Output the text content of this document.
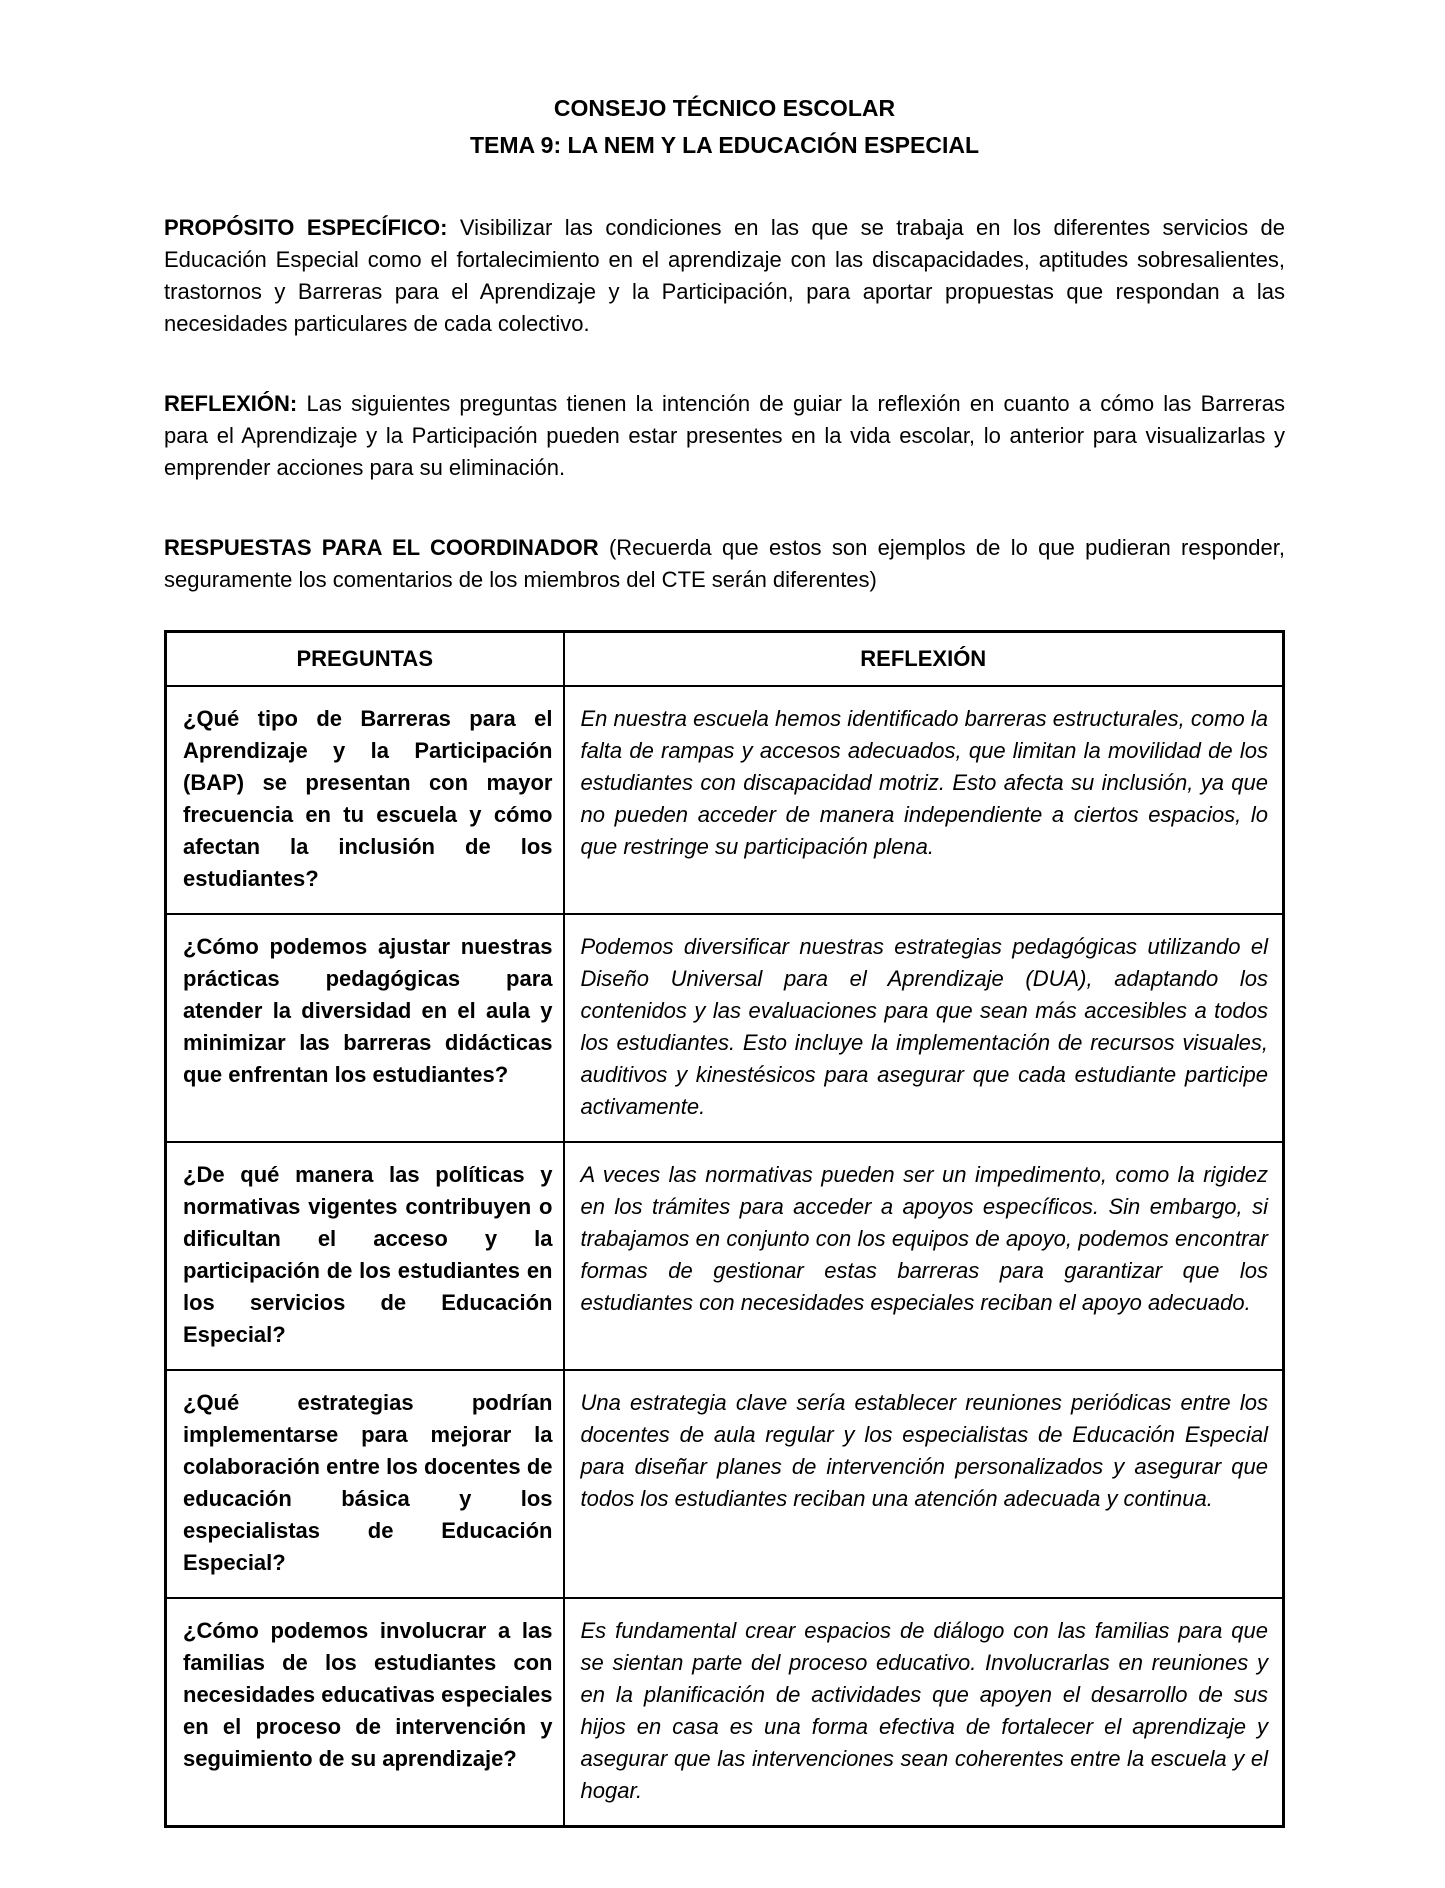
CONSEJO TÉCNICO ESCOLAR
TEMA 9: LA NEM Y LA EDUCACIÓN ESPECIAL

PROPÓSITO ESPECÍFICO: Visibilizar las condiciones en las que se trabaja en los diferentes servicios de Educación Especial como el fortalecimiento en el aprendizaje con las discapacidades, aptitudes sobresalientes, trastornos y Barreras para el Aprendizaje y la Participación, para aportar propuestas que respondan a las necesidades particulares de cada colectivo.

REFLEXIÓN: Las siguientes preguntas tienen la intención de guiar la reflexión en cuanto a cómo las Barreras para el Aprendizaje y la Participación pueden estar presentes en la vida escolar, lo anterior para visualizarlas y emprender acciones para su eliminación.

RESPUESTAS PARA EL COORDINADOR (Recuerda que estos son ejemplos de lo que pudieran responder, seguramente los comentarios de los miembros del CTE serán diferentes)

PREGUNTAS	REFLEXIÓN
¿Qué tipo de Barreras para el Aprendizaje y la Participación (BAP) se presentan con mayor frecuencia en tu escuela y cómo afectan la inclusión de los estudiantes?	En nuestra escuela hemos identificado barreras estructurales, como la falta de rampas y accesos adecuados, que limitan la movilidad de los estudiantes con discapacidad motriz. Esto afecta su inclusión, ya que no pueden acceder de manera independiente a ciertos espacios, lo que restringe su participación plena.
¿Cómo podemos ajustar nuestras prácticas pedagógicas para atender la diversidad en el aula y minimizar las barreras didácticas que enfrentan los estudiantes?	Podemos diversificar nuestras estrategias pedagógicas utilizando el Diseño Universal para el Aprendizaje (DUA), adaptando los contenidos y las evaluaciones para que sean más accesibles a todos los estudiantes. Esto incluye la implementación de recursos visuales, auditivos y kinestésicos para asegurar que cada estudiante participe activamente.
¿De qué manera las políticas y normativas vigentes contribuyen o dificultan el acceso y la participación de los estudiantes en los servicios de Educación Especial?	A veces las normativas pueden ser un impedimento, como la rigidez en los trámites para acceder a apoyos específicos. Sin embargo, si trabajamos en conjunto con los equipos de apoyo, podemos encontrar formas de gestionar estas barreras para garantizar que los estudiantes con necesidades especiales reciban el apoyo adecuado.
¿Qué estrategias podrían implementarse para mejorar la colaboración entre los docentes de educación básica y los especialistas de Educación Especial?	Una estrategia clave sería establecer reuniones periódicas entre los docentes de aula regular y los especialistas de Educación Especial para diseñar planes de intervención personalizados y asegurar que todos los estudiantes reciban una atención adecuada y continua.
¿Cómo podemos involucrar a las familias de los estudiantes con necesidades educativas especiales en el proceso de intervención y seguimiento de su aprendizaje?	Es fundamental crear espacios de diálogo con las familias para que se sientan parte del proceso educativo. Involucrarlas en reuniones y en la planificación de actividades que apoyen el desarrollo de sus hijos en casa es una forma efectiva de fortalecer el aprendizaje y asegurar que las intervenciones sean coherentes entre la escuela y el hogar.
